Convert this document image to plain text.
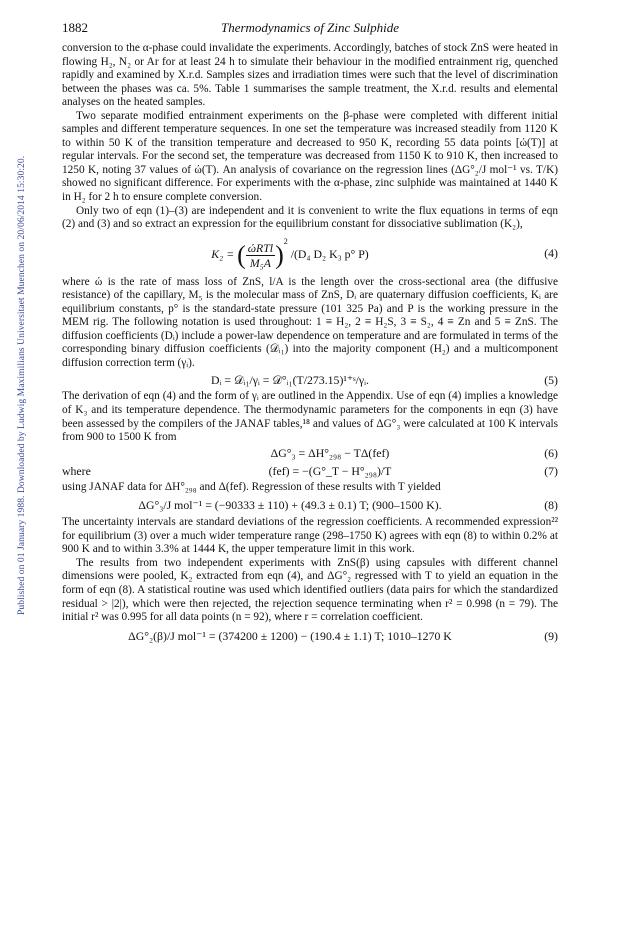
Published on 01 January 1988. Downloaded by Ludwig Maximilians Universitaet Muenchen on 20/06/2014 15:30:20.
1882	Thermodynamics of Zinc Sulphide

conversion to the α-phase could invalidate the experiments. Accordingly, batches of stock ZnS were heated in flowing H₂, N₂ or Ar for at least 24 h to simulate their behaviour in the modified entrainment rig, quenched rapidly and examined by X.r.d. Samples sizes and irradiation times were such that the level of discrimination between the phases was ca. 5%. Table 1 summarises the sample treatment, the X.r.d. results and elemental analyses on the heated samples.

Two separate modified entrainment experiments on the β-phase were completed with different initial samples and different temperature sequences. In one set the temperature was increased steadily from 1120 K to within 50 K of the transition temperature and decreased to 950 K, recording 55 data points [ώ(T)] at regular intervals. For the second set, the temperature was decreased from 1150 K to 910 K, then increased to 1250 K, noting 37 values of ώ(T). An analysis of covariance on the regression lines (ΔG°₂/J mol⁻¹ vs. T/K) showed no significant difference. For experiments with the α-phase, zinc sulphide was maintained at 1440 K in H₂ for 2 h to ensure complete conversion.

Only two of eqn (1)–(3) are independent and it is convenient to write the flux equations in terms of eqn (2) and (3) and so extract an expression for the equilibrium constant for dissociative sublimation (K₂),

K₂ = ( $\frac{\text{ώRTl}}{\text{M₅A}} )^2$ /(D₄ D₂ K₃ p° P)	(4)

where ώ is the rate of mass loss of ZnS, l/A is the length over the cross-sectional area (the diffusive resistance) of the capillary, M₅ is the molecular mass of ZnS, Dᵢ are quaternary diffusion coefficients, Kᵢ are equilibrium constants, p° is the standard-state pressure (101 325 Pa) and P is the working pressure in the MEM rig. The following notation is used throughout: 1 ≡ H₂, 2 ≡ H₂S, 3 ≡ S₂, 4 ≡ Zn and 5 ≡ ZnS. The diffusion coefficients (Dᵢ) include a power-law dependence on temperature and are formulated in terms of the corresponding binary diffusion coefficients (𝒟ᵢ₁) into the majority component (H₂) and a multicomponent diffusion correction term (γᵢ).

Dᵢ = 𝒟ᵢ₁/γᵢ = 𝒟°ᵢ₁(T/273.15)¹⁺ˢ/γᵢ.	(5)

The derivation of eqn (4) and the form of γᵢ are outlined in the Appendix. Use of eqn (4) implies a knowledge of K₃ and its temperature dependence. The thermodynamic parameters for the components in eqn (3) have been assessed by the compilers of the JANAF tables,¹⁸ and values of ΔG°₃ were calculated at 100 K intervals from 900 to 1500 K from

ΔG°₃ = ΔH°₂₉₈ − TΔ(fef)	(6)
where	(fef) = −(G°_T − H°₂₉₈)/T	(7)

using JANAF data for ΔH°₂₉₈ and Δ(fef). Regression of these results with T yielded

ΔG°₃/J mol⁻¹ = (−90333 ± 110) + (49.3 ± 0.1) T; (900–1500 K).	(8)

The uncertainty intervals are standard deviations of the regression coefficients. A recommended expression²² for equilibrium (3) over a much wider temperature range (298–1750 K) agrees with eqn (8) to within 0.2% at 900 K and to within 3.3% at 1444 K, the upper temperature limit in this work.

The results from two independent experiments with ZnS(β) using capsules with different channel dimensions were pooled, K₂ extracted from eqn (4), and ΔG°₂ regressed with T to yield an equation in the form of eqn (8). A statistical routine was used which identified outliers (data pairs for which the standardized residual > |2|), which were then rejected, the rejection sequence terminating when r² = 0.998 (n = 79). The initial r² was 0.995 for all data points (n = 92), where r = correlation coefficient.

ΔG°₂(β)/J mol⁻¹ = (374200 ± 1200) − (190.4 ± 1.1) T; 1010–1270 K	(9)
